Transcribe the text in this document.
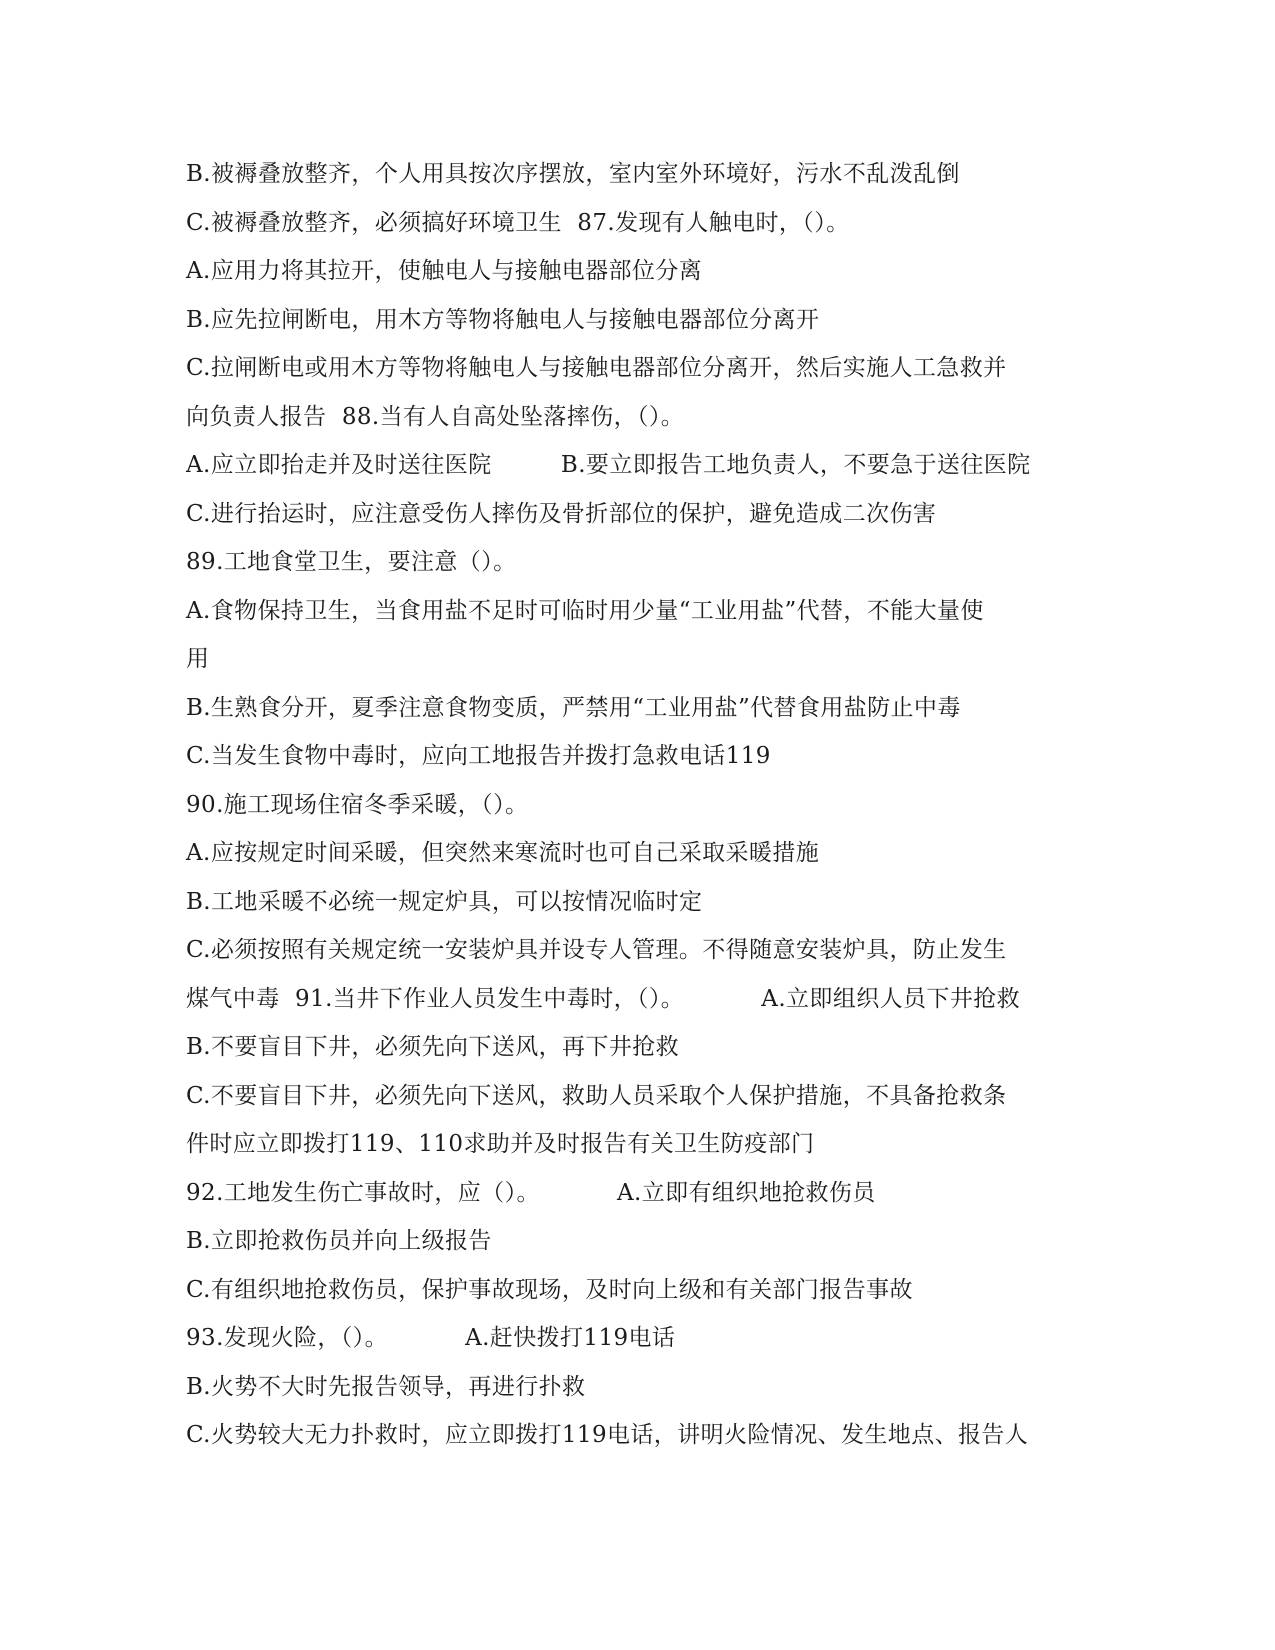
B.被褥叠放整齐，个人用具按次序摆放，室内室外环境好，污水不乱泼乱倒
C.被褥叠放整齐，必须搞好环境卫生  87.发现有人触电时，（）。
A.应用力将其拉开，使触电人与接触电器部位分离
B.应先拉闸断电，用木方等物将触电人与接触电器部位分离开
C.拉闸断电或用木方等物将触电人与接触电器部位分离开，然后实施人工急救并
向负责人报告  88.当有人自高处坠落摔伤，（）。
A.应立即抬走并及时送往医院         B.要立即报告工地负责人，不要急于送往医院
C.进行抬运时，应注意受伤人摔伤及骨折部位的保护，避免造成二次伤害
89.工地食堂卫生，要注意（）。
A.食物保持卫生，当食用盐不足时可临时用少量“工业用盐”代替，不能大量使
用
B.生熟食分开，夏季注意食物变质，严禁用“工业用盐”代替食用盐防止中毒
C.当发生食物中毒时，应向工地报告并拨打急救电话119
90.施工现场住宿冬季采暖，（）。
A.应按规定时间采暖，但突然来寒流时也可自己采取采暖措施
B.工地采暖不必统一规定炉具，可以按情况临时定
C.必须按照有关规定统一安装炉具并设专人管理。不得随意安装炉具，防止发生
煤气中毒  91.当井下作业人员发生中毒时，（）。          A.立即组织人员下井抢救
B.不要盲目下井，必须先向下送风，再下井抢救
C.不要盲目下井，必须先向下送风，救助人员采取个人保护措施，不具备抢救条
件时应立即拨打119、110求助并及时报告有关卫生防疫部门
92.工地发生伤亡事故时，应（）。          A.立即有组织地抢救伤员
B.立即抢救伤员并向上级报告
C.有组织地抢救伤员，保护事故现场，及时向上级和有关部门报告事故
93.发现火险，（）。          A.赶快拨打119电话
B.火势不大时先报告领导，再进行扑救
C.火势较大无力扑救时，应立即拨打119电话，讲明火险情况、发生地点、报告人
